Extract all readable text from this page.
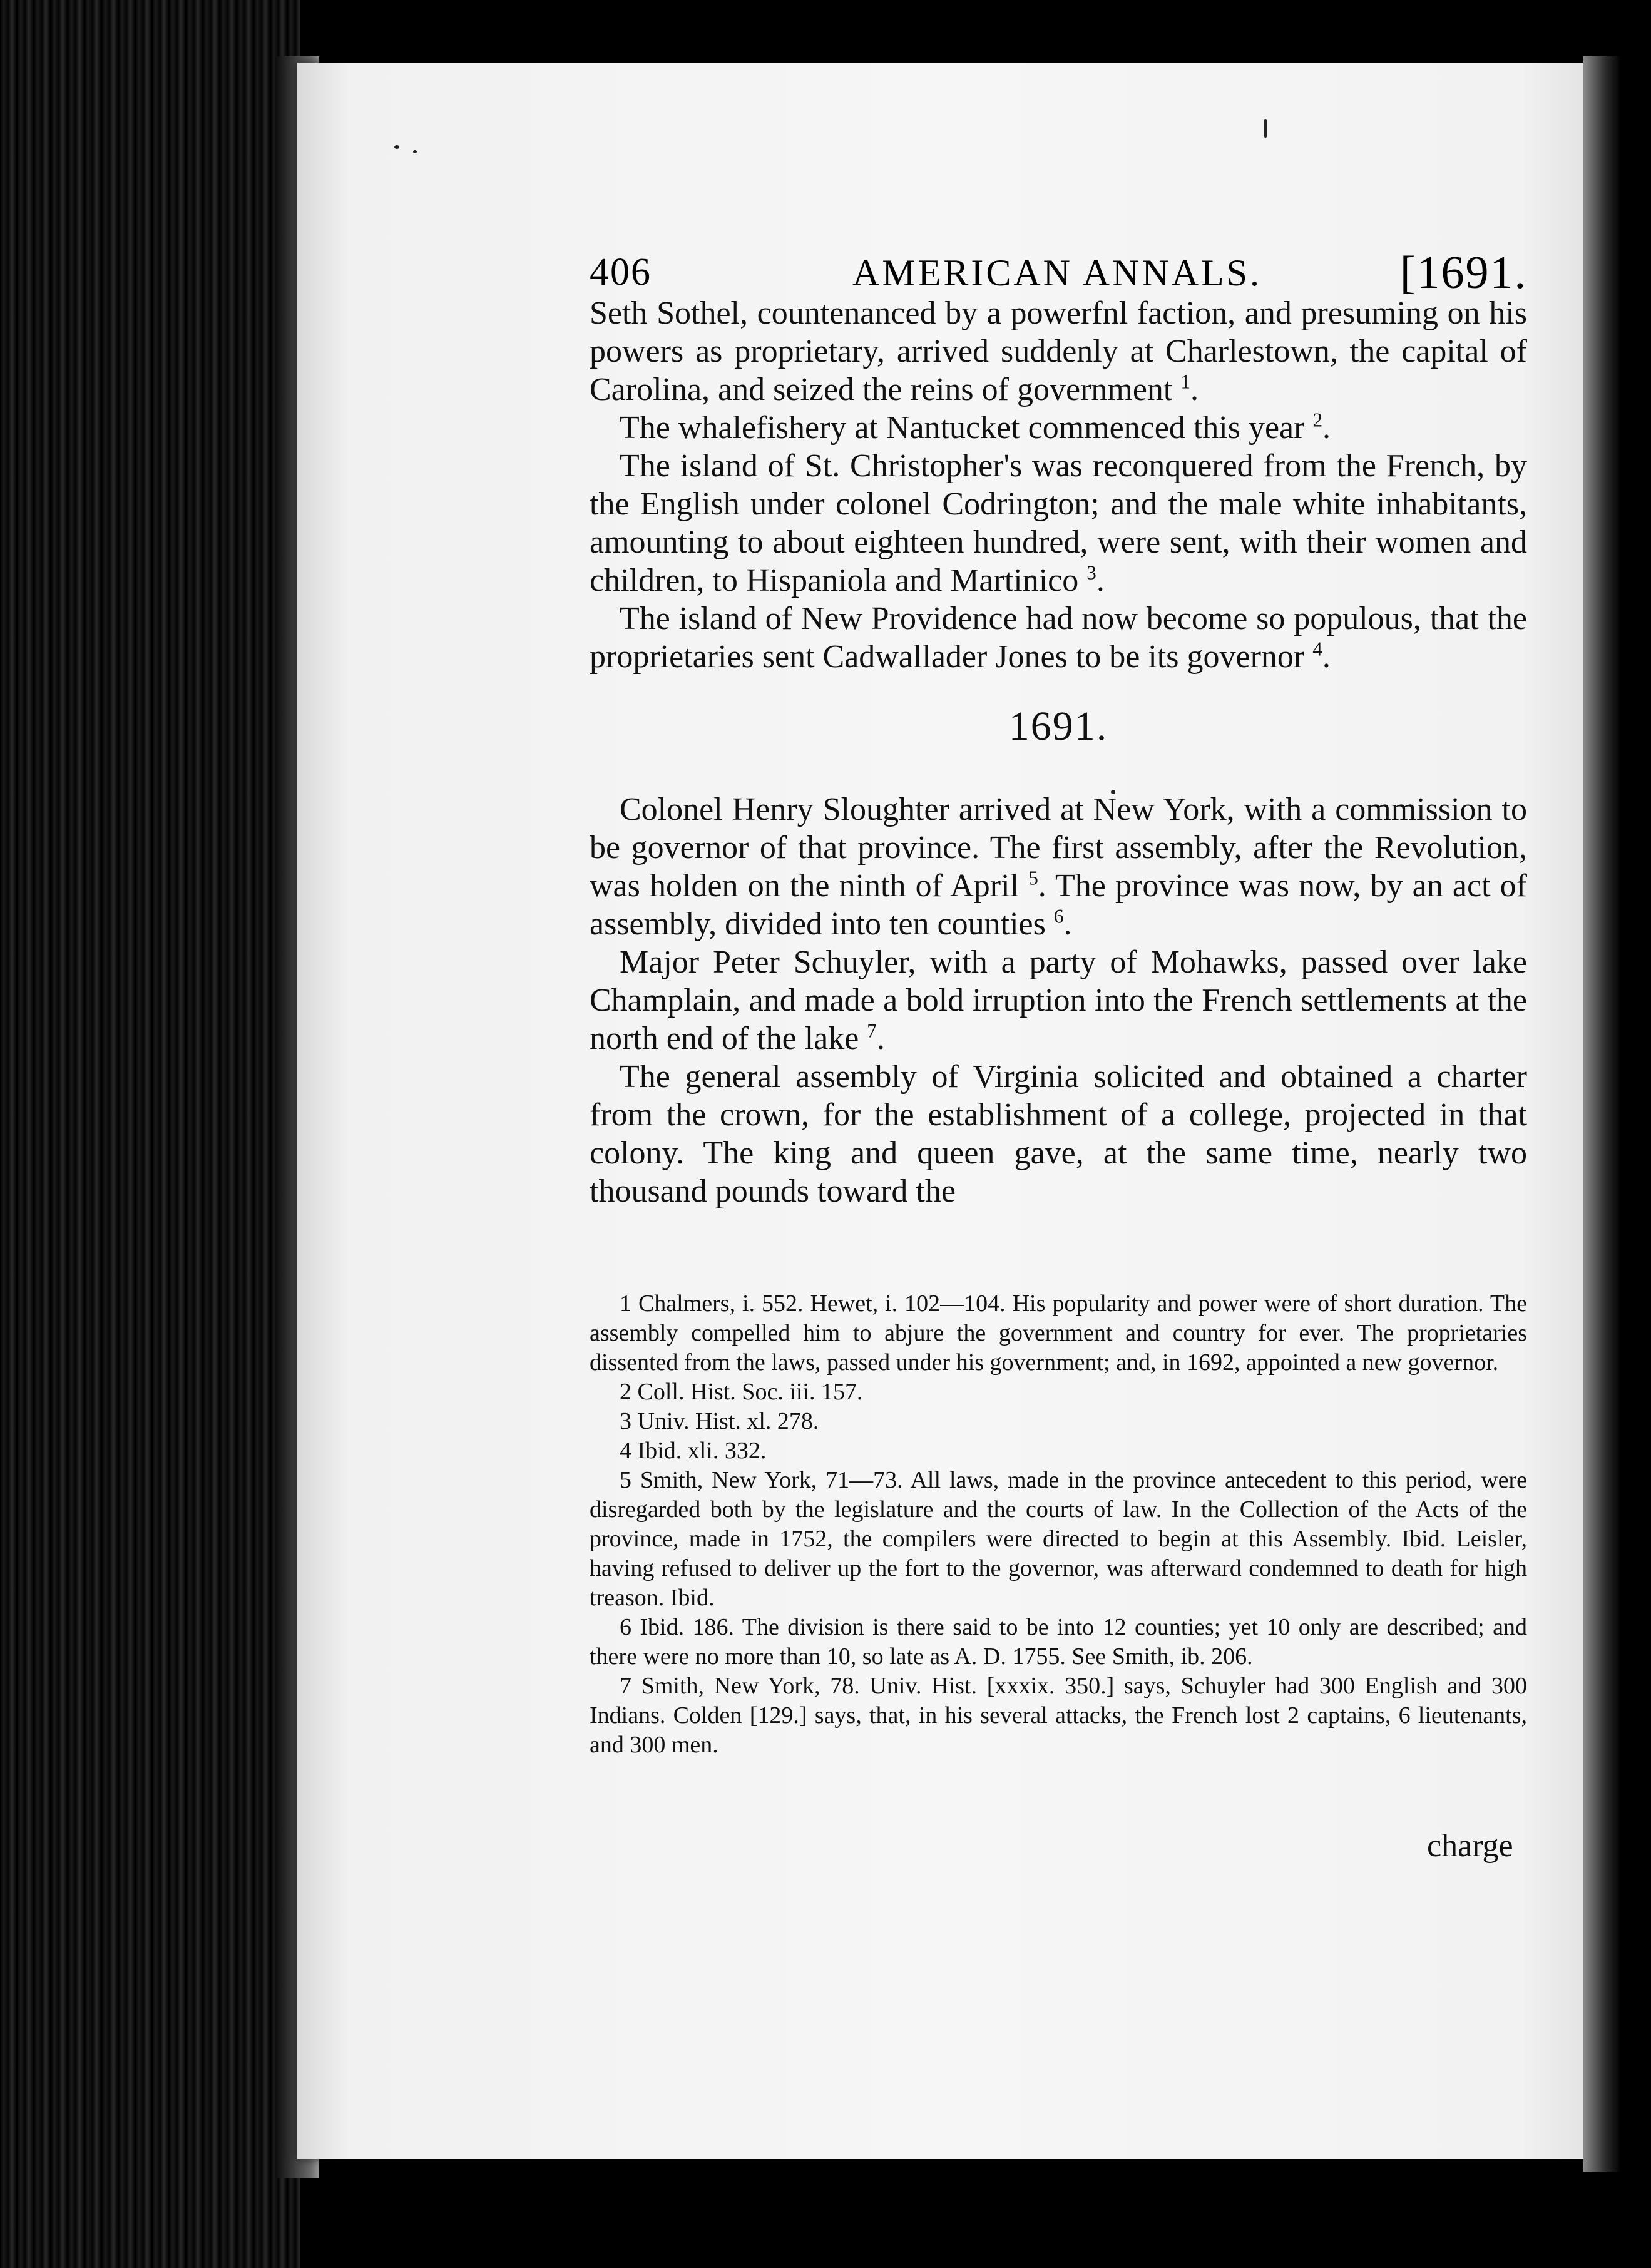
406	AMERICAN ANNALS.	[1691.

Seth Sothel, countenanced by a powerfnl faction, and presuming on his powers as proprietary, arrived suddenly at Charlestown, the capital of Carolina, and seized the reins of government $^1$.

The whalefishery at Nantucket commenced this year $^2$.

The island of St. Christopher's was reconquered from the French, by the English under colonel Codrington; and the male white inhabitants, amounting to about eighteen hundred, were sent, with their women and children, to Hispaniola and Martinico $^3$.

The island of New Providence had now become so populous, that the proprietaries sent Cadwallader Jones to be its governor $^4$.

1691.

Colonel Henry Sloughter arrived at New York, with a commission to be governor of that province. The first assembly, after the Revolution, was holden on the ninth of April $^5$. The province was now, by an act of assembly, divided into ten counties $^6$.

Major Peter Schuyler, with a party of Mohawks, passed over lake Champlain, and made a bold irruption into the French settlements at the north end of the lake $^7$.

The general assembly of Virginia solicited and obtained a charter from the crown, for the establishment of a college, projected in that colony. The king and queen gave, at the same time, nearly two thousand pounds toward the

1 Chalmers, i. 552. Hewet, i. 102—104. His popularity and power were of short duration. The assembly compelled him to abjure the government and country for ever. The proprietaries dissented from the laws, passed under his government; and, in 1692, appointed a new governor.

2 Coll. Hist. Soc. iii. 157.

3 Univ. Hist. xl. 278.

4 Ibid. xli. 332.

5 Smith, New York, 71—73. All laws, made in the province antecedent to this period, were disregarded both by the legislature and the courts of law. In the Collection of the Acts of the province, made in 1752, the compilers were directed to begin at this Assembly. Ibid. Leisler, having refused to deliver up the fort to the governor, was afterward condemned to death for high treason. Ibid.

6 Ibid. 186. The division is there said to be into 12 counties; yet 10 only are described; and there were no more than 10, so late as A. D. 1755. See Smith, ib. 206.

7 Smith, New York, 78. Univ. Hist. [xxxix. 350.] says, Schuyler had 300 English and 300 Indians. Colden [129.] says, that, in his several attacks, the French lost 2 captains, 6 lieutenants, and 300 men.

charge
